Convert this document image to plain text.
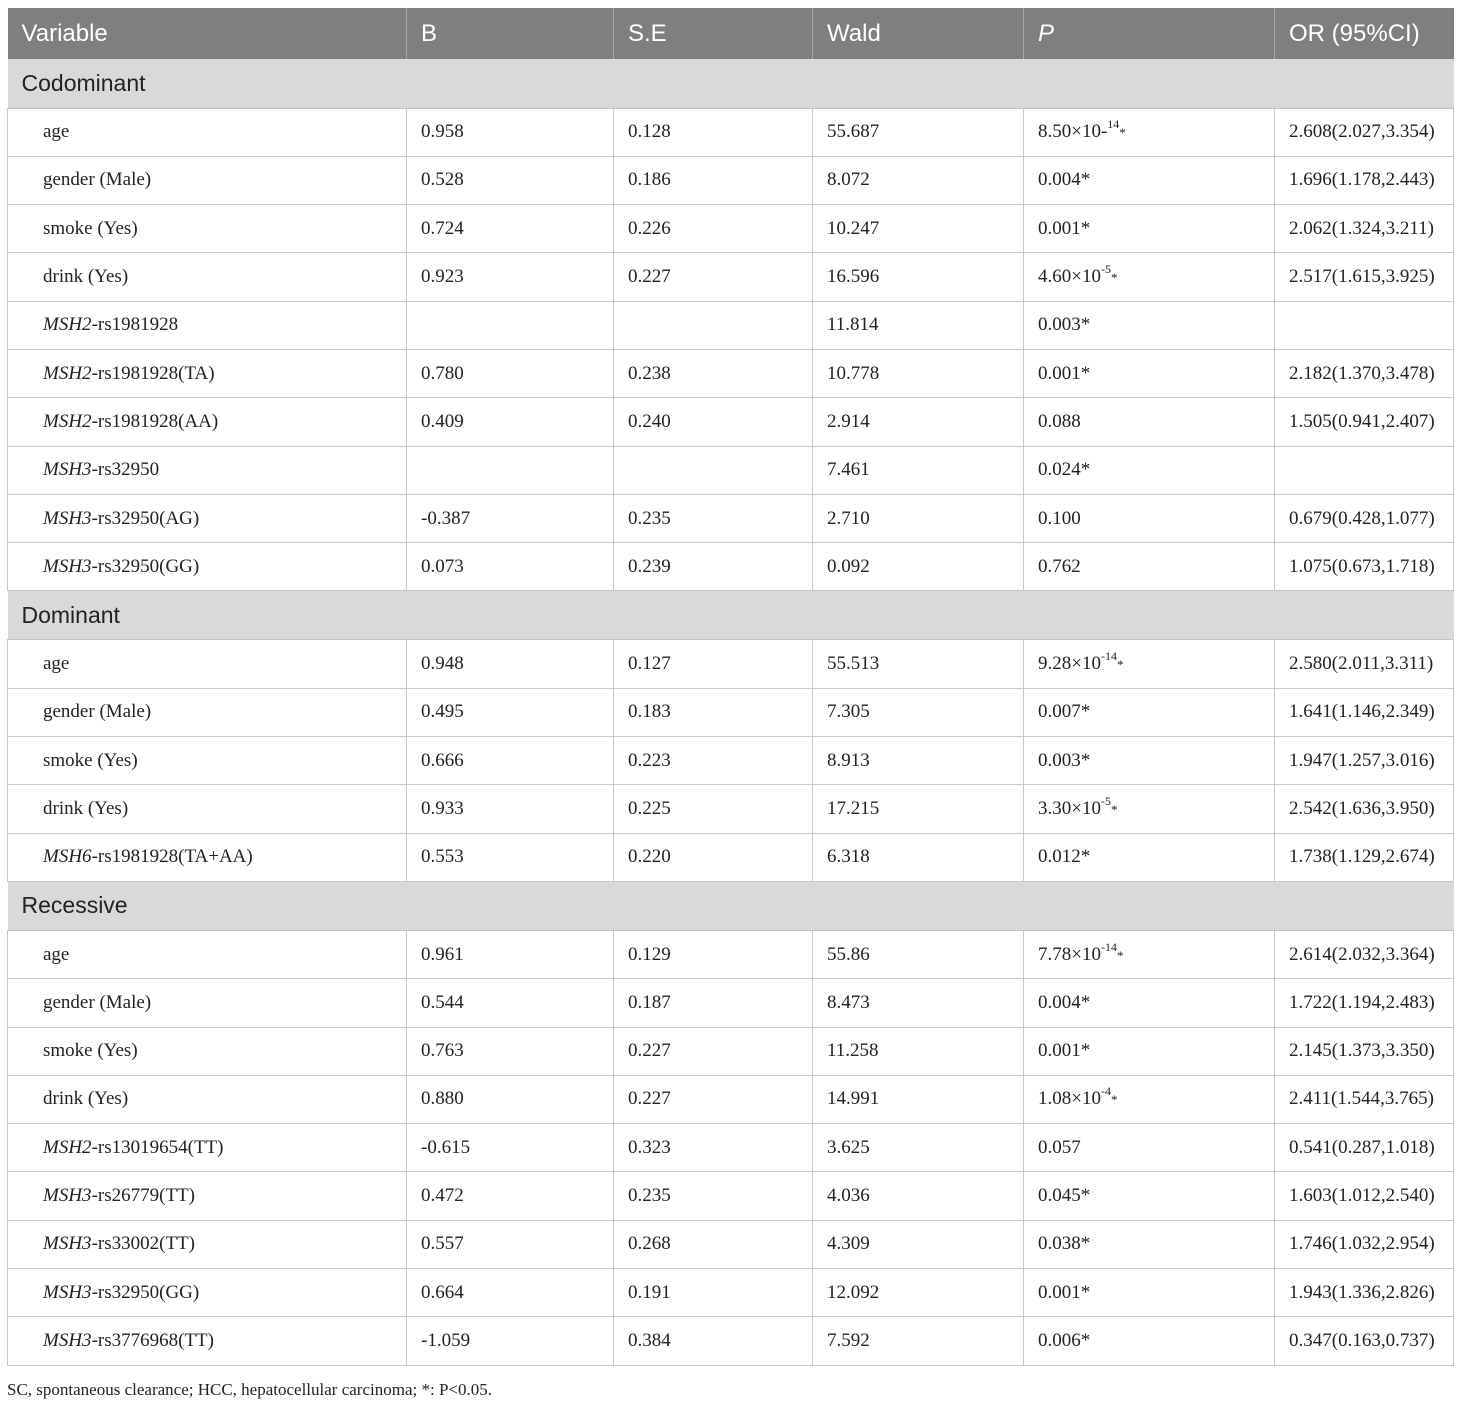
Variable	B	S.E	Wald	P	OR (95%CI)
Codominant					
age	0.958	0.128	55.687	8.50×10-$^{14}$*	2.608(2.027,3.354)
gender (Male)	0.528	0.186	8.072	0.004*	1.696(1.178,2.443)
smoke (Yes)	0.724	0.226	10.247	0.001*	2.062(1.324,3.211)
drink (Yes)	0.923	0.227	16.596	$4.60\times 10^{-5}*$	2.517(1.615,3.925)
MSH2-rs1981928			11.814	0.003*	
MSH2-rs1981928(TA)	0.780	0.238	10.778	0.001*	2.182(1.370,3.478)
MSH2-rs1981928(AA)	0.409	0.240	2.914	0.088	1.505(0.941,2.407)
MSH3-rs32950			7.461	0.024*	
MSH3-rs32950(AG)	-0.387	0.235	2.710	0.100	0.679(0.428,1.077)
MSH3-rs32950(GG)	0.073	0.239	0.092	0.762	1.075(0.673,1.718)
Dominant					
age	0.948	0.127	55.513	$9.28\times 10^{-14}*$	2.580(2.011,3.311)
gender (Male)	0.495	0.183	7.305	0.007*	1.641(1.146,2.349)
smoke (Yes)	0.666	0.223	8.913	0.003*	1.947(1.257,3.016)
drink (Yes)	0.933	0.225	17.215	$3.30\times 10^{-5}*$	2.542(1.636,3.950)
MSH6-rs1981928(TA+AA)	0.553	0.220	6.318	0.012*	1.738(1.129,2.674)
Recessive					
age	0.961	0.129	55.86	$7.78\times 10^{-14}*$	2.614(2.032,3.364)
gender (Male)	0.544	0.187	8.473	0.004*	1.722(1.194,2.483)
smoke (Yes)	0.763	0.227	11.258	0.001*	2.145(1.373,3.350)
drink (Yes)	0.880	0.227	14.991	$1.08\times 10^{-4}*$	2.411(1.544,3.765)
MSH2-rs13019654(TT)	-0.615	0.323	3.625	0.057	0.541(0.287,1.018)
MSH3-rs26779(TT)	0.472	0.235	4.036	0.045*	1.603(1.012,2.540)
MSH3-rs33002(TT)	0.557	0.268	4.309	0.038*	1.746(1.032,2.954)
MSH3-rs32950(GG)	0.664	0.191	12.092	0.001*	1.943(1.336,2.826)
MSH3-rs3776968(TT)	-1.059	0.384	7.592	0.006*	0.347(0.163,0.737)
SC, spontaneous clearance; HCC, hepatocellular carcinoma; *: P<0.05.
